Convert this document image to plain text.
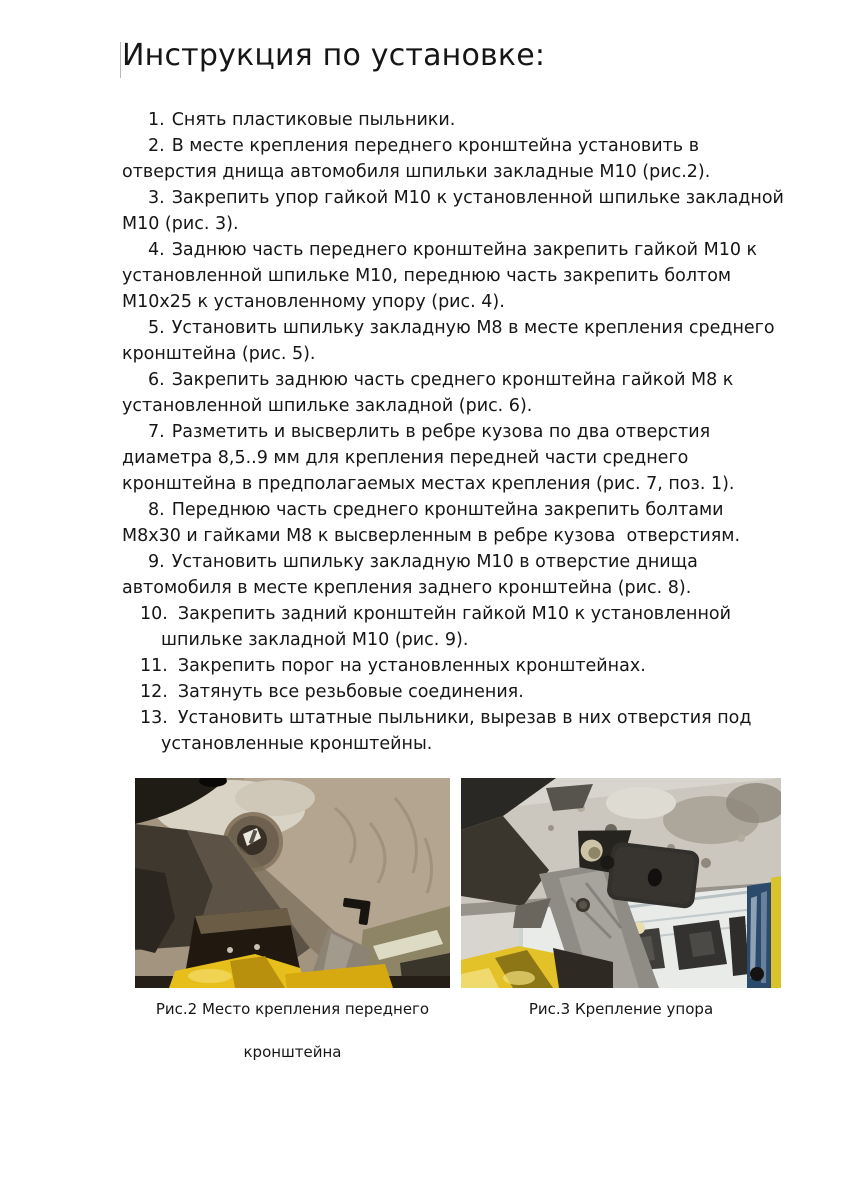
Инструкция по установке:
1. Снять пластиковые пыльники.
2. В месте крепления переднего кронштейна установить в отверстия днища автомобиля шпильки закладные М10 (рис.2).
3. Закрепить упор гайкой М10 к установленной шпильке закладной М10 (рис. 3).
4. Заднюю часть переднего кронштейна закрепить гайкой М10 к установленной шпильке М10, переднюю часть закрепить болтом М10х25 к установленному упору (рис. 4).
5. Установить шпильку закладную М8 в месте крепления среднего кронштейна (рис. 5).
6. Закрепить заднюю часть среднего кронштейна гайкой М8 к установленной шпильке закладной (рис. 6).
7. Разметить и высверлить в ребре кузова по два отверстия диаметра 8,5..9 мм для крепления передней части среднего кронштейна в предполагаемых местах крепления (рис. 7, поз. 1).
8. Переднюю часть среднего кронштейна закрепить болтами  М8х30 и гайками М8 к высверленным в ребре кузова  отверстиям.
9. Установить шпильку закладную М10 в отверстие днища автомобиля в месте крепления заднего кронштейна (рис. 8).
10. Закрепить задний кронштейн гайкой М10 к установленной шпильке закладной М10 (рис. 9).
11. Закрепить порог на установленных кронштейнах.
12. Затянуть все резьбовые соединения.
13. Установить штатные пыльники, вырезав в них отверстия под установленные кронштейны.
Рис.2 Место крепления переднего кронштейна
Рис.3 Крепление упора
